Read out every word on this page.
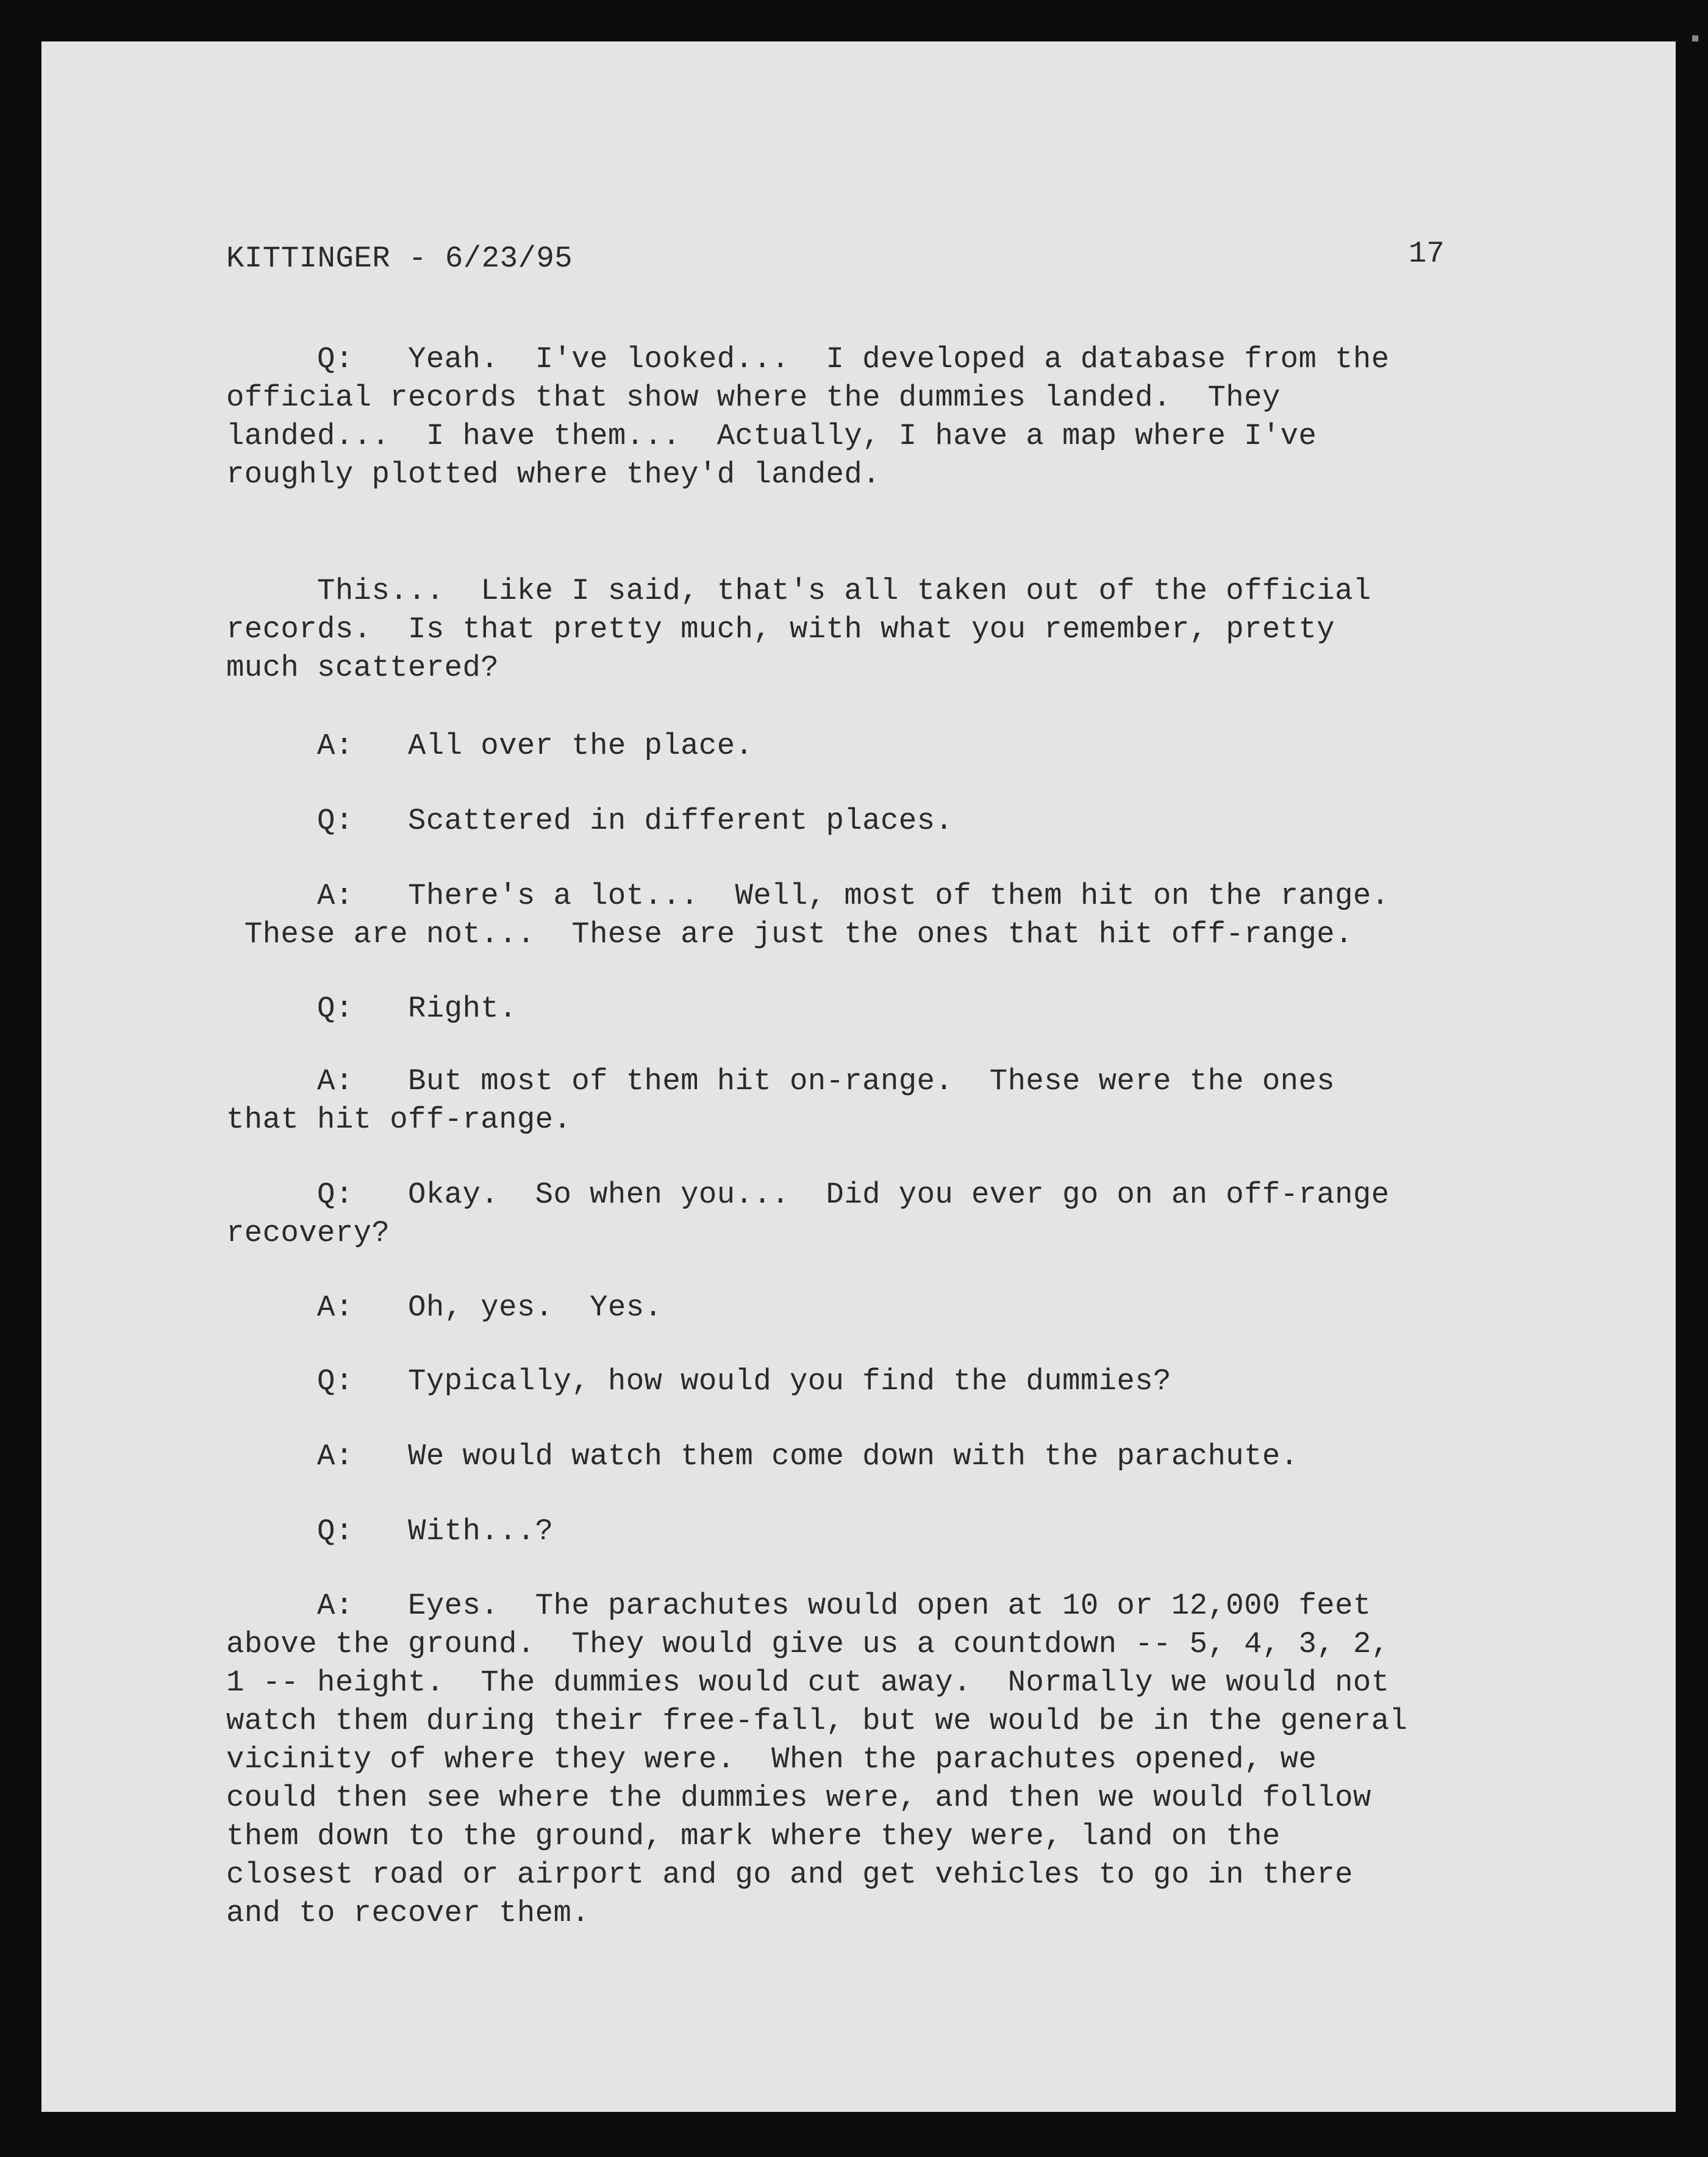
KITTINGER - 6/23/95	17

Q:   Yeah.  I've looked...  I developed a database from the
official records that show where the dummies landed.  They
landed...  I have them...  Actually, I have a map where I've
roughly plotted where they'd landed.

This...  Like I said, that's all taken out of the official
records.  Is that pretty much, with what you remember, pretty
much scattered?

A:   All over the place.

Q:   Scattered in different places.

A:   There's a lot...  Well, most of them hit on the range.
These are not...  These are just the ones that hit off-range.

Q:   Right.

A:   But most of them hit on-range.  These were the ones
that hit off-range.

Q:   Okay.  So when you...  Did you ever go on an off-range
recovery?

A:   Oh, yes.  Yes.

Q:   Typically, how would you find the dummies?

A:   We would watch them come down with the parachute.

Q:   With...?

A:   Eyes.  The parachutes would open at 10 or 12,000 feet
above the ground.  They would give us a countdown -- 5, 4, 3, 2,
1 -- height.  The dummies would cut away.  Normally we would not
watch them during their free-fall, but we would be in the general
vicinity of where they were.  When the parachutes opened, we
could then see where the dummies were, and then we would follow
them down to the ground, mark where they were, land on the
closest road or airport and go and get vehicles to go in there
and to recover them.
